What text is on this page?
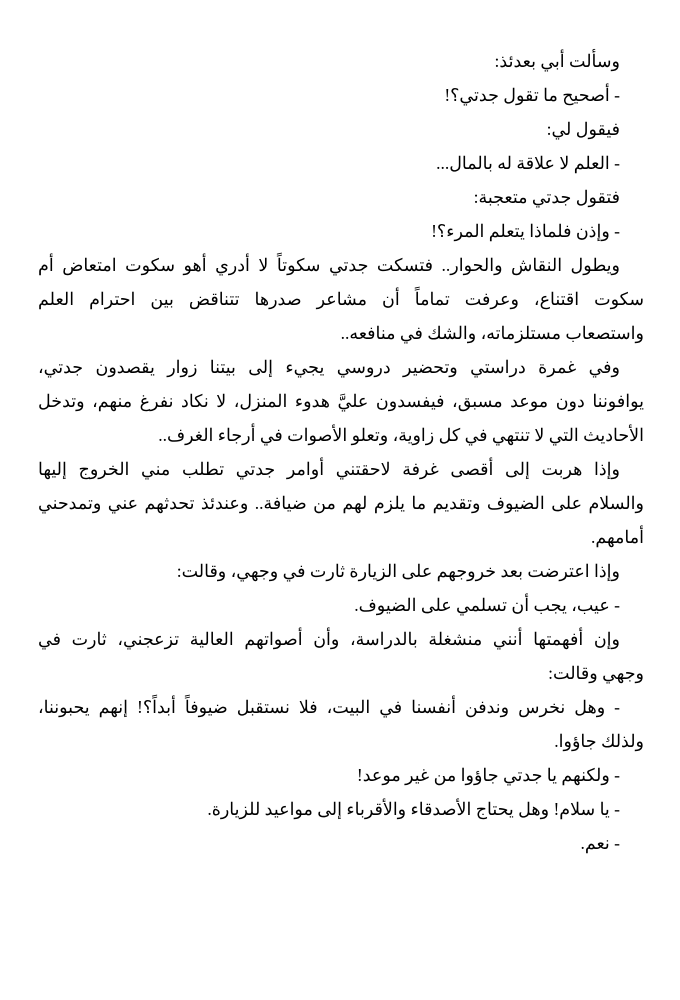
وسألت أبي بعدئذ:

- أصحيح ما تقول جدتي؟!

فيقول لي:

- العلم لا علاقة له بالمال...

فتقول جدتي متعجبة:

- وإذن فلماذا يتعلم المرء؟!

ويطول النقاش والحوار.. فتسكت جدتي سكوتاً لا أدري أهو سكوت امتعاض أم

سكوت اقتناع، وعرفت تماماً أن مشاعر صدرها تتناقض بين احترام العلم

واستصعاب مستلزماته، والشك في منافعه..

وفي غمرة دراستي وتحضير دروسي يجيء إلى بيتنا زوار يقصدون جدتي،

يوافوننا دون موعد مسبق، فيفسدون عليَّ هدوء المنزل، لا نكاد نفرغ منهم، وتدخل

الأحاديث التي لا تنتهي في كل زاوية، وتعلو الأصوات في أرجاء الغرف..

وإذا هربت إلى أقصى غرفة لاحقتني أوامر جدتي تطلب مني الخروج إليها

والسلام على الضيوف وتقديم ما يلزم لهم من ضيافة.. وعندئذ تحدثهم عني وتمدحني

أمامهم.

وإذا اعترضت بعد خروجهم على الزيارة ثارت في وجهي، وقالت:

- عيب، يجب أن تسلمي على الضيوف.

وإن أفهمتها أنني منشغلة بالدراسة، وأن أصواتهم العالية تزعجني، ثارت في

وجهي وقالت:

- وهل نخرس وندفن أنفسنا في البيت، فلا نستقبل ضيوفاً أبداً؟! إنهم يحبوننا،

ولذلك جاؤوا.

- ولكنهم يا جدتي جاؤوا من غير موعد!

- يا سلام! وهل يحتاج الأصدقاء والأقرباء إلى مواعيد للزيارة.

- نعم.
